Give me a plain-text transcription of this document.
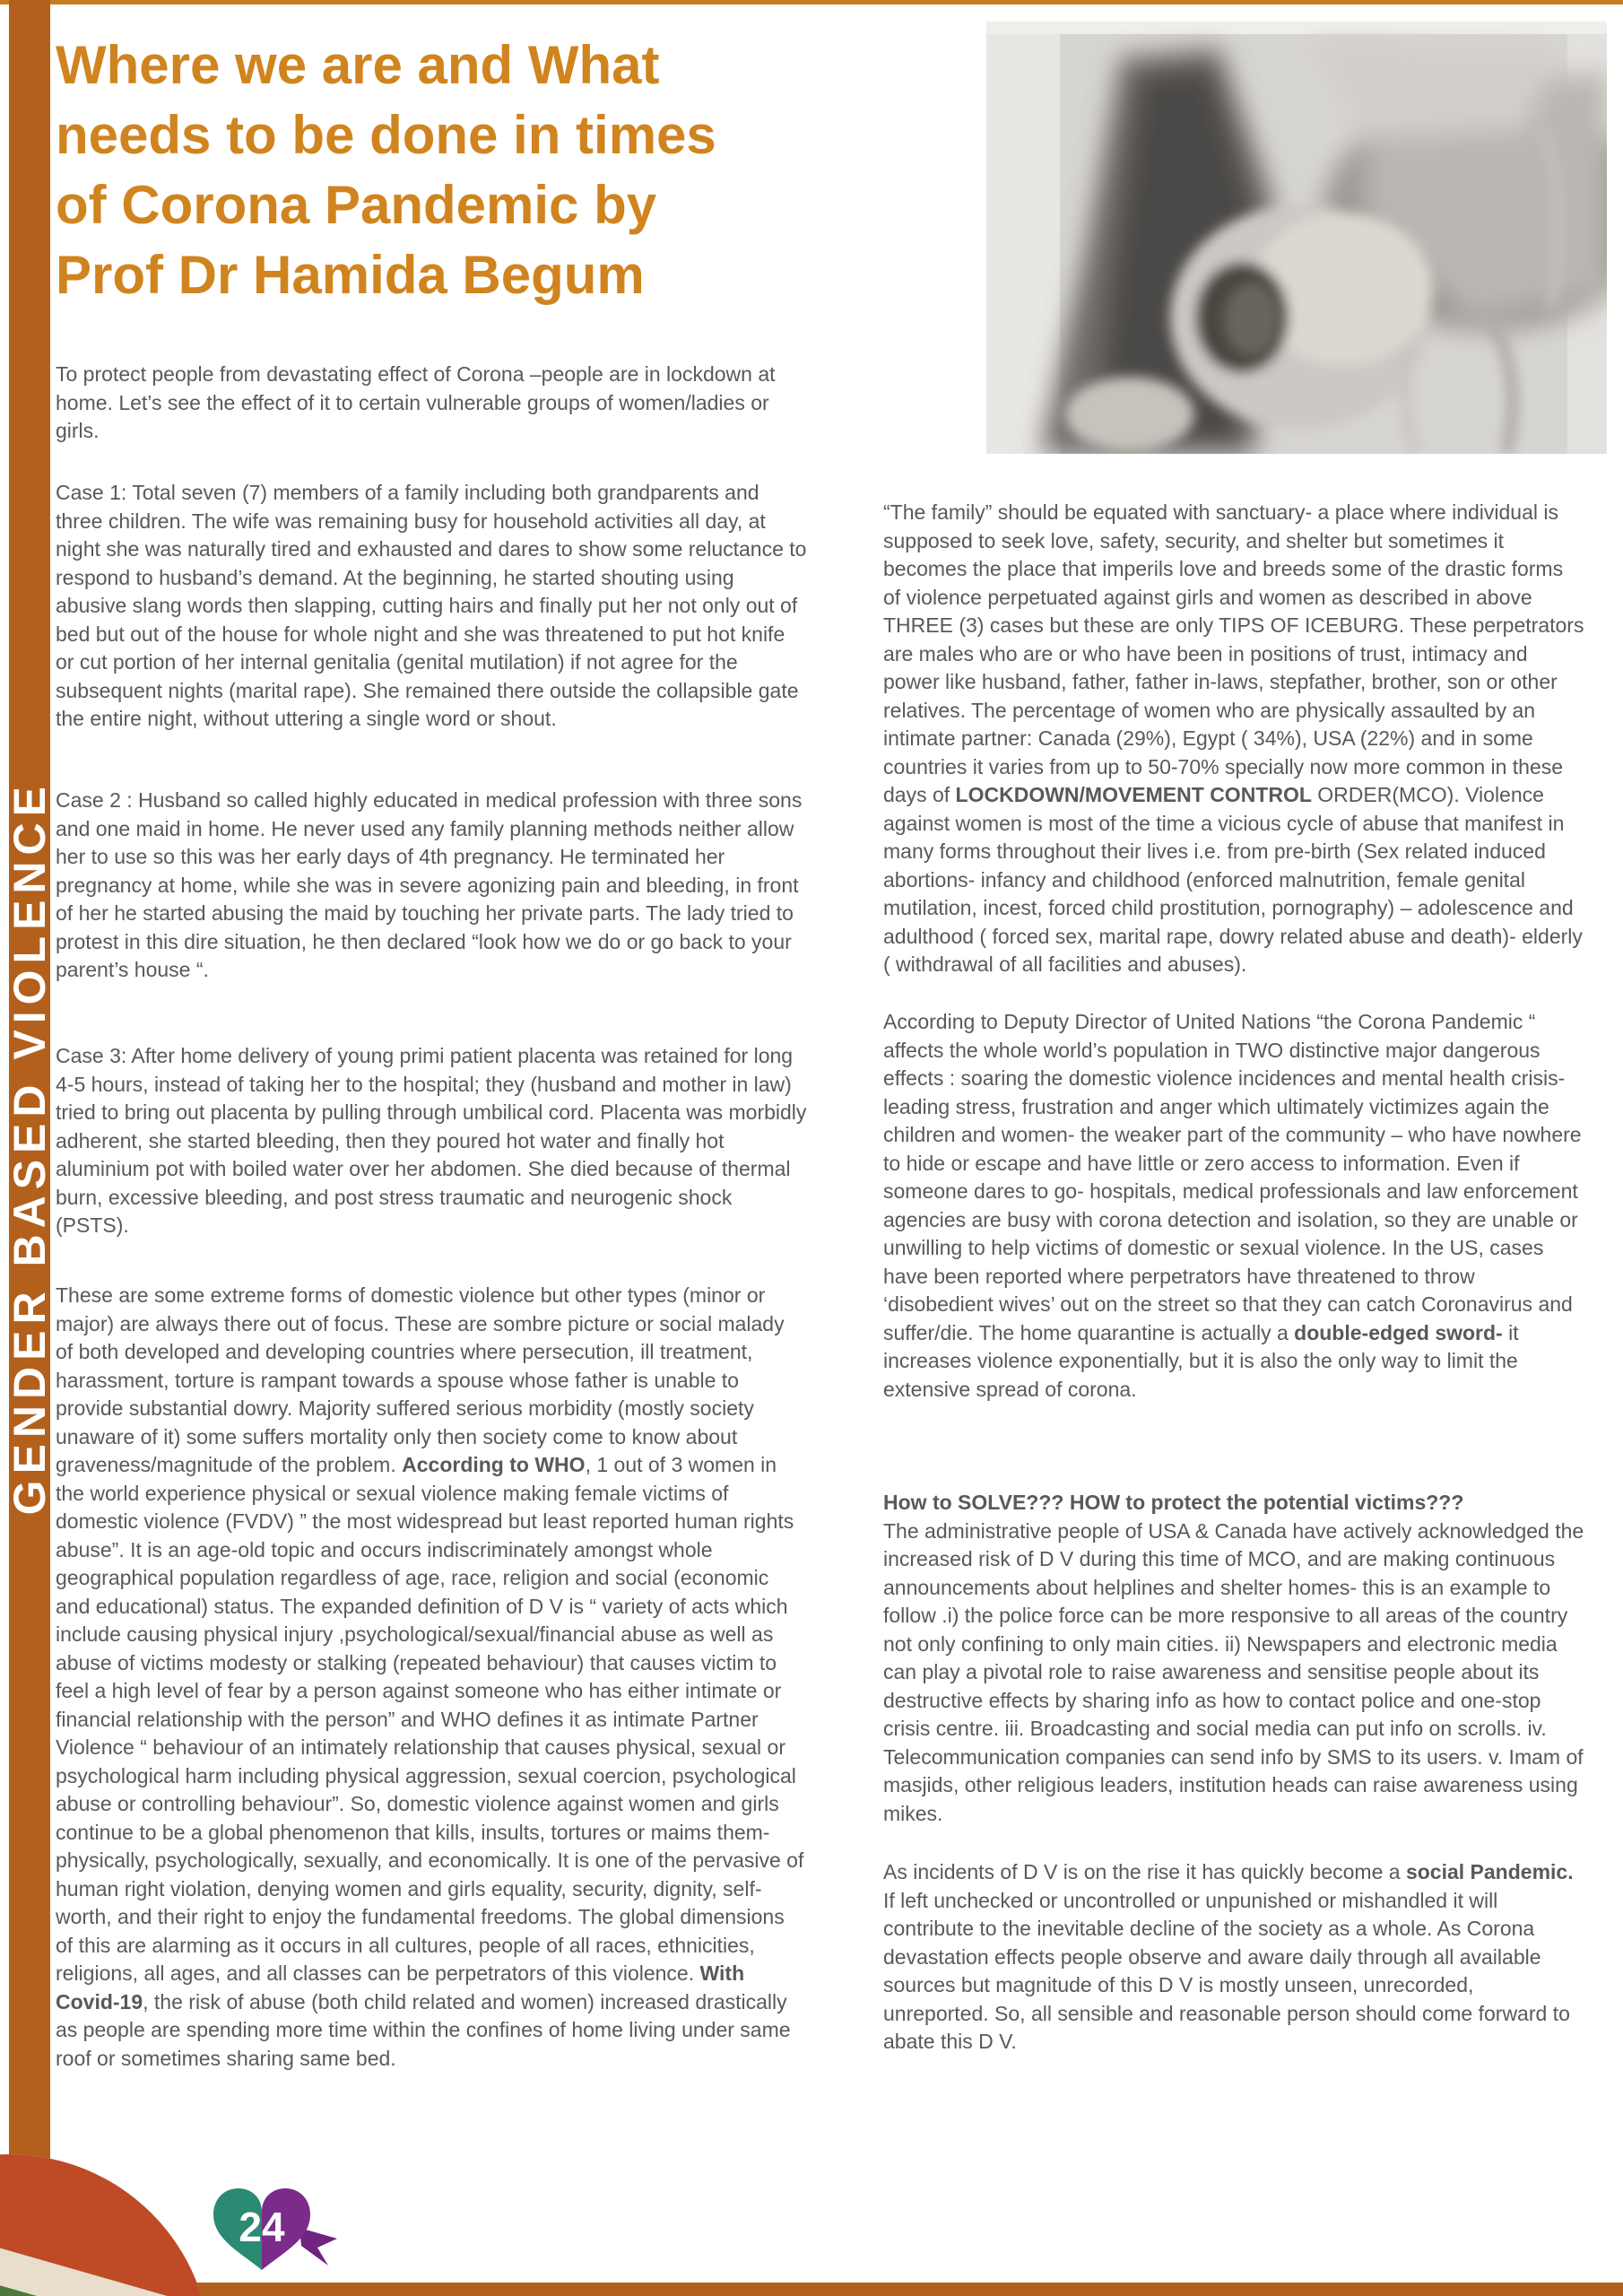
GENDER BASED VIOLENCE
Where we are and What
needs to be done in times
of Corona Pandemic by
Prof Dr Hamida Begum

To protect people from devastating effect of Corona –people are in lockdown at home. Let’s see the effect of it to certain vulnerable groups of women/ladies or girls.

Case 1: Total seven (7) members of a family including both grandparents and three children. The wife was remaining busy for household activities all day, at night she was naturally tired and exhausted and dares to show some reluctance to respond to husband’s demand. At the beginning, he started shouting using abusive slang words then slapping, cutting hairs and finally put her not only out of bed but out of the house for whole night and she was threatened to put hot knife or cut portion of her internal genitalia (genital mutilation) if not agree for the subsequent nights (marital rape). She remained there outside the collapsible gate the entire night, without uttering a single word or shout.

Case 2 : Husband so called highly educated in medical profession with three sons and one maid in home. He never used any family planning methods neither allow her to use so this was her early days of 4th pregnancy. He terminated her pregnancy at home, while she was in severe agonizing pain and bleeding, in front of her he started abusing the maid by touching her private parts. The lady tried to protest in this dire situation, he then declared “look how we do or go back to your parent’s house “.

Case 3: After home delivery of young primi patient placenta was retained for long 4-5 hours, instead of taking her to the hospital; they (husband and mother in law) tried to bring out placenta by pulling through umbilical cord. Placenta was morbidly adherent, she started bleeding, then they poured hot water and finally hot aluminium pot with boiled water over her abdomen. She died because of thermal burn, excessive bleeding, and post stress traumatic and neurogenic shock (PSTS).

These are some extreme forms of domestic violence but other types (minor or major) are always there out of focus. These are sombre picture or social malady of both developed and developing countries where persecution, ill treatment, harassment, torture is rampant towards a spouse whose father is unable to provide substantial dowry. Majority suffered serious morbidity (mostly society unaware of it) some suffers mortality only then society come to know about graveness/magnitude of the problem. According to WHO, 1 out of 3 women in the world experience physical or sexual violence making female victims of domestic violence (FVDV) ” the most widespread but least reported human rights abuse”. It is an age-old topic and occurs indiscriminately amongst whole geographical population regardless of age, race, religion and social (economic and educational) status. The expanded definition of D V is “ variety of acts which include causing physical injury ,psychological/sexual/financial abuse as well as abuse of victims modesty or stalking (repeated behaviour) that causes victim to feel a high level of fear by a person against someone who has either intimate or financial relationship with the person” and WHO defines it as intimate Partner Violence “ behaviour of an intimately relationship that causes physical, sexual or psychological harm including physical aggression, sexual coercion, psychological abuse or controlling behaviour”. So, domestic violence against women and girls continue to be a global phenomenon that kills, insults, tortures or maims them- physically, psychologically, sexually, and economically. It is one of the pervasive of human right violation, denying women and girls equality, security, dignity, self-worth, and their right to enjoy the fundamental freedoms. The global dimensions of this are alarming as it occurs in all cultures, people of all races, ethnicities, religions, all ages, and all classes can be perpetrators of this violence. With Covid-19, the risk of abuse (both child related and women) increased drastically as people are spending more time within the confines of home living under same roof or sometimes sharing same bed.

“The family” should be equated with sanctuary- a place where individual is supposed to seek love, safety, security, and shelter but sometimes it becomes the place that imperils love and breeds some of the drastic forms of violence perpetuated against girls and women as described in above THREE (3) cases but these are only TIPS OF ICEBURG. These perpetrators are males who are or who have been in positions of trust, intimacy and power like husband, father, father in-laws, stepfather, brother, son or other relatives. The percentage of women who are physically assaulted by an intimate partner: Canada (29%), Egypt ( 34%), USA (22%) and in some countries it varies from up to 50-70% specially now more common in these days of LOCKDOWN/MOVEMENT CONTROL ORDER(MCO). Violence against women is most of the time a vicious cycle of abuse that manifest in many forms throughout their lives i.e. from pre-birth (Sex related induced abortions- infancy and childhood (enforced malnutrition, female genital mutilation, incest, forced child prostitution, pornography) – adolescence and adulthood ( forced sex, marital rape, dowry related abuse and death)- elderly ( withdrawal of all facilities and abuses).

According to Deputy Director of United Nations “the Corona Pandemic “ affects the whole world’s population in TWO distinctive major dangerous effects : soaring the domestic violence incidences and mental health crisis- leading stress, frustration and anger which ultimately victimizes again the children and women- the weaker part of the community – who have nowhere to hide or escape and have little or zero access to information. Even if someone dares to go- hospitals, medical professionals and law enforcement agencies are busy with corona detection and isolation, so they are unable or unwilling to help victims of domestic or sexual violence. In the US, cases have been reported where perpetrators have threatened to throw ‘disobedient wives’ out on the street so that they can catch Coronavirus and suffer/die. The home quarantine is actually a double-edged sword- it increases violence exponentially, but it is also the only way to limit the extensive spread of corona.

How to SOLVE??? HOW to protect the potential victims???
The administrative people of USA & Canada have actively acknowledged the increased risk of D V during this time of MCO, and are making continuous announcements about helplines and shelter homes- this is an example to follow .i) the police force can be more responsive to all areas of the country not only confining to only main cities. ii) Newspapers and electronic media can play a pivotal role to raise awareness and sensitise people about its destructive effects by sharing info as how to contact police and one-stop crisis centre. iii. Broadcasting and social media can put info on scrolls. iv. Telecommunication companies can send info by SMS to its users. v. Imam of masjids, other religious leaders, institution heads can raise awareness using mikes.

As incidents of D V is on the rise it has quickly become a social Pandemic. If left unchecked or uncontrolled or unpunished or mishandled it will contribute to the inevitable decline of the society as a whole. As Corona devastation effects people observe and aware daily through all available sources but magnitude of this D V is mostly unseen, unrecorded, unreported. So, all sensible and reasonable person should come forward to abate this D V.

24
